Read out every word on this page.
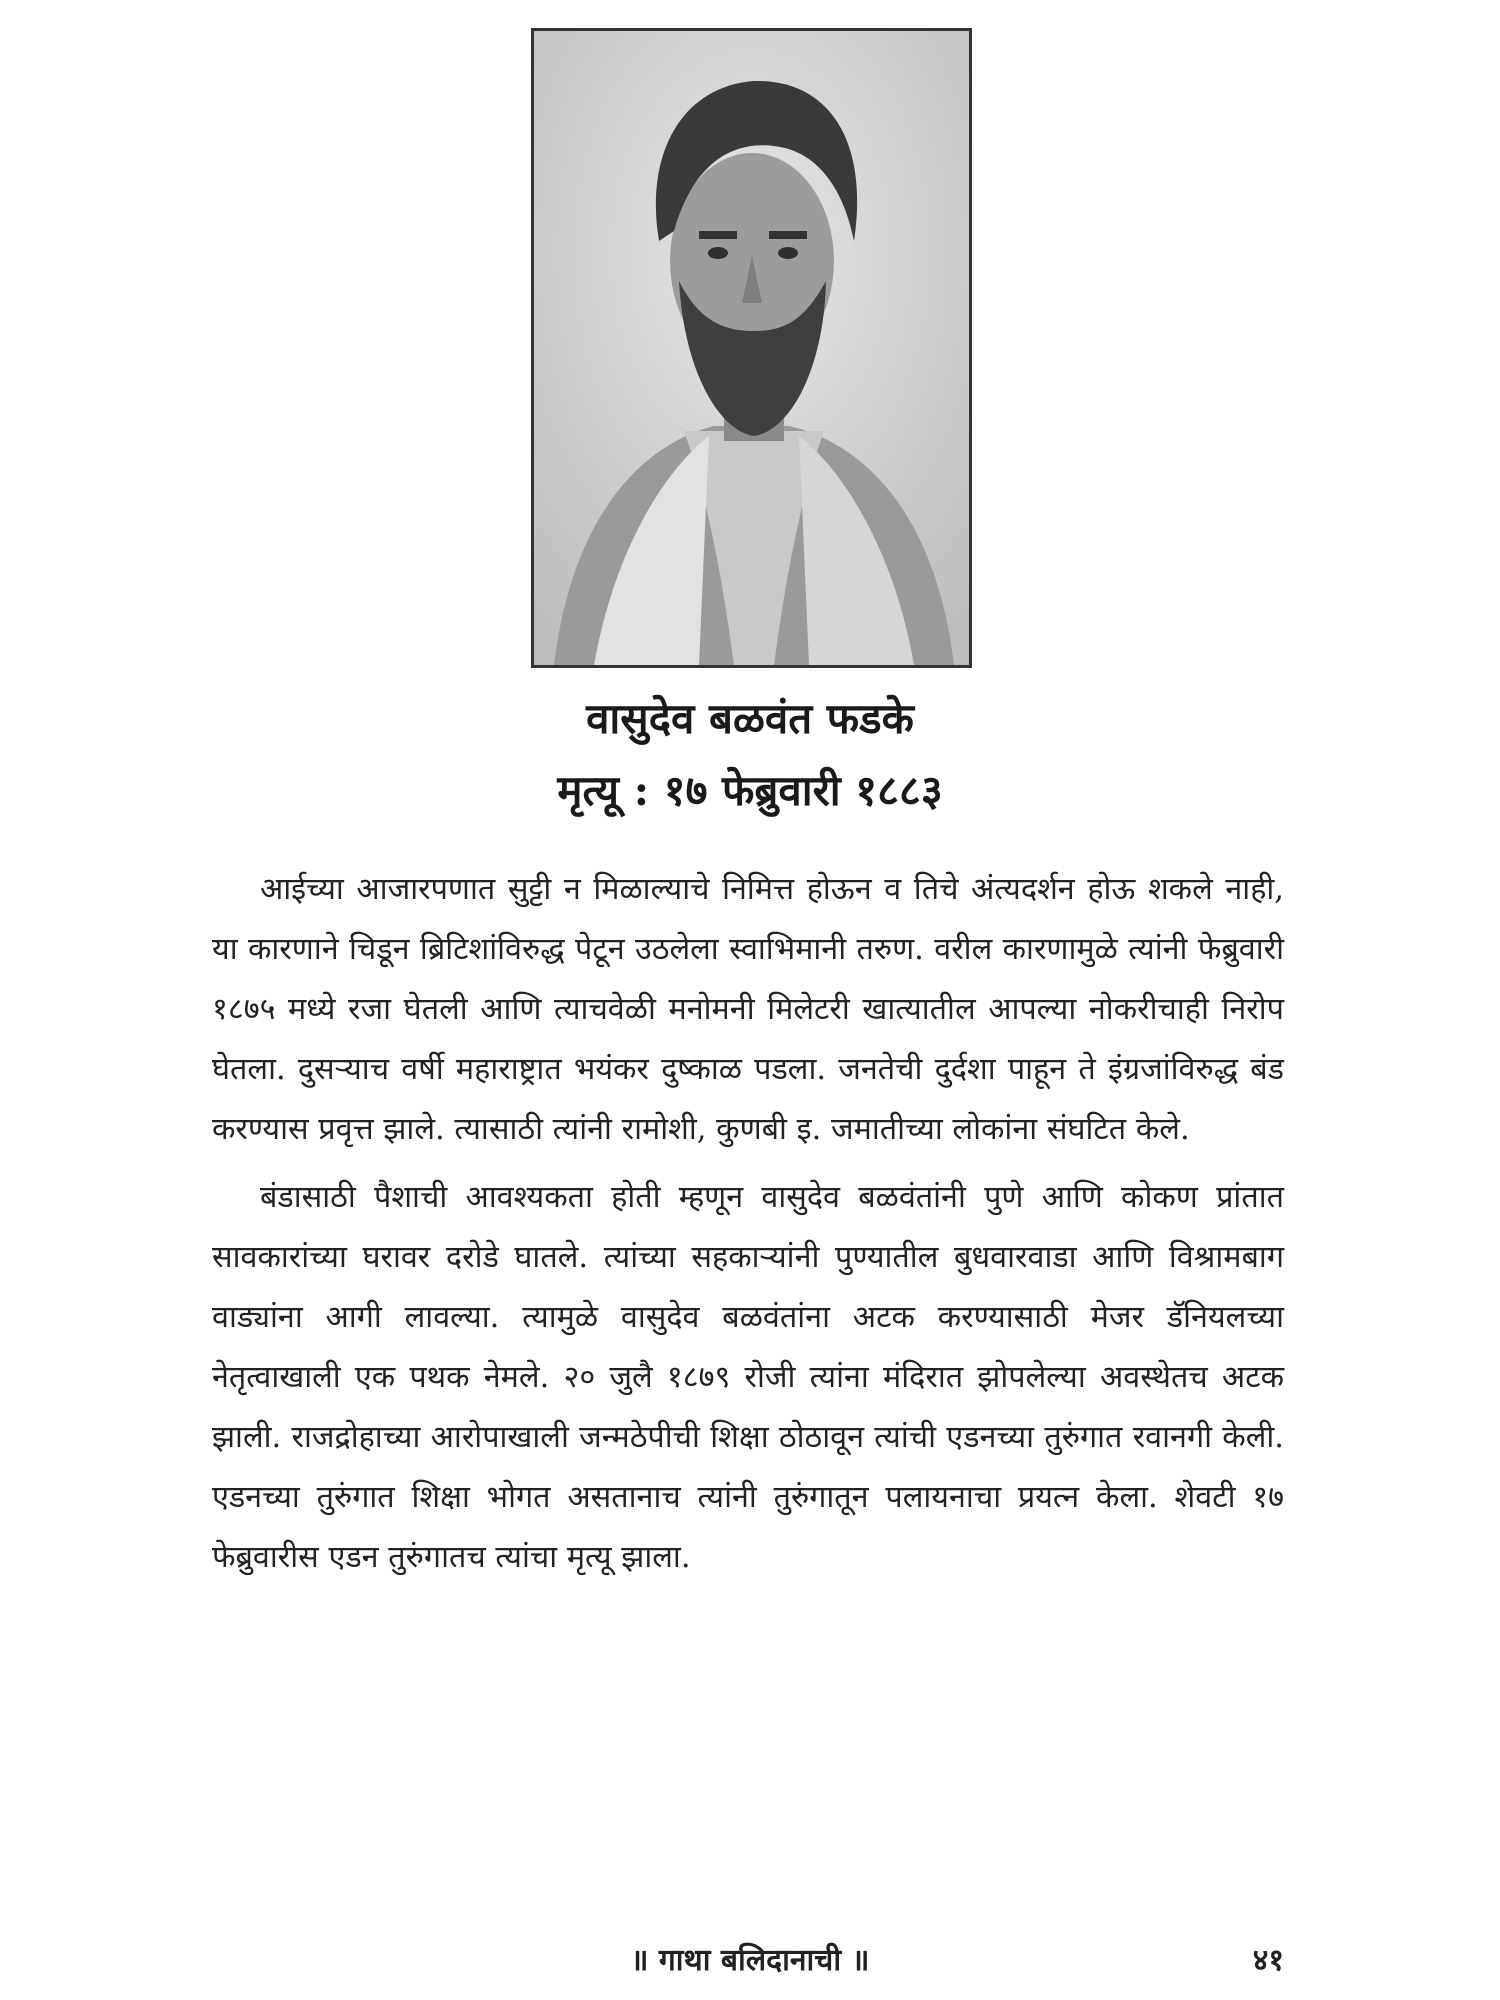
वासुदेव बळवंत फडके
मृत्यू : १७ फेब्रुवारी १८८३

आईच्या आजारपणात सुट्टी न मिळाल्याचे निमित्त होऊन व तिचे अंत्यदर्शन होऊ शकले नाही, या कारणाने चिडून ब्रिटिशांविरुद्ध पेटून उठलेला स्वाभिमानी तरुण. वरील कारणामुळे त्यांनी फेब्रुवारी १८७५ मध्ये रजा घेतली आणि त्याचवेळी मनोमनी मिलेटरी खात्यातील आपल्या नोकरीचाही निरोप घेतला. दुसऱ्याच वर्षी महाराष्ट्रात भयंकर दुष्काळ पडला. जनतेची दुर्दशा पाहून ते इंग्रजांविरुद्ध बंड करण्यास प्रवृत्त झाले. त्यासाठी त्यांनी रामोशी, कुणबी इ. जमातीच्या लोकांना संघटित केले.

बंडासाठी पैशाची आवश्यकता होती म्हणून वासुदेव बळवंतांनी पुणे आणि कोकण प्रांतात सावकारांच्या घरावर दरोडे घातले. त्यांच्या सहकाऱ्यांनी पुण्यातील बुधवारवाडा आणि विश्रामबाग वाड्यांना आगी लावल्या. त्यामुळे वासुदेव बळवंतांना अटक करण्यासाठी मेजर डॅनियलच्या नेतृत्वाखाली एक पथक नेमले. २० जुलै १८७९ रोजी त्यांना मंदिरात झोपलेल्या अवस्थेतच अटक झाली. राजद्रोहाच्या आरोपाखाली जन्मठेपीची शिक्षा ठोठावून त्यांची एडनच्या तुरुंगात रवानगी केली. एडनच्या तुरुंगात शिक्षा भोगत असतानाच त्यांनी तुरुंगातून पलायनाचा प्रयत्न केला. शेवटी १७ फेब्रुवारीस एडन तुरुंगातच त्यांचा मृत्यू झाला.

॥ गाथा बलिदानाची ॥	४१
